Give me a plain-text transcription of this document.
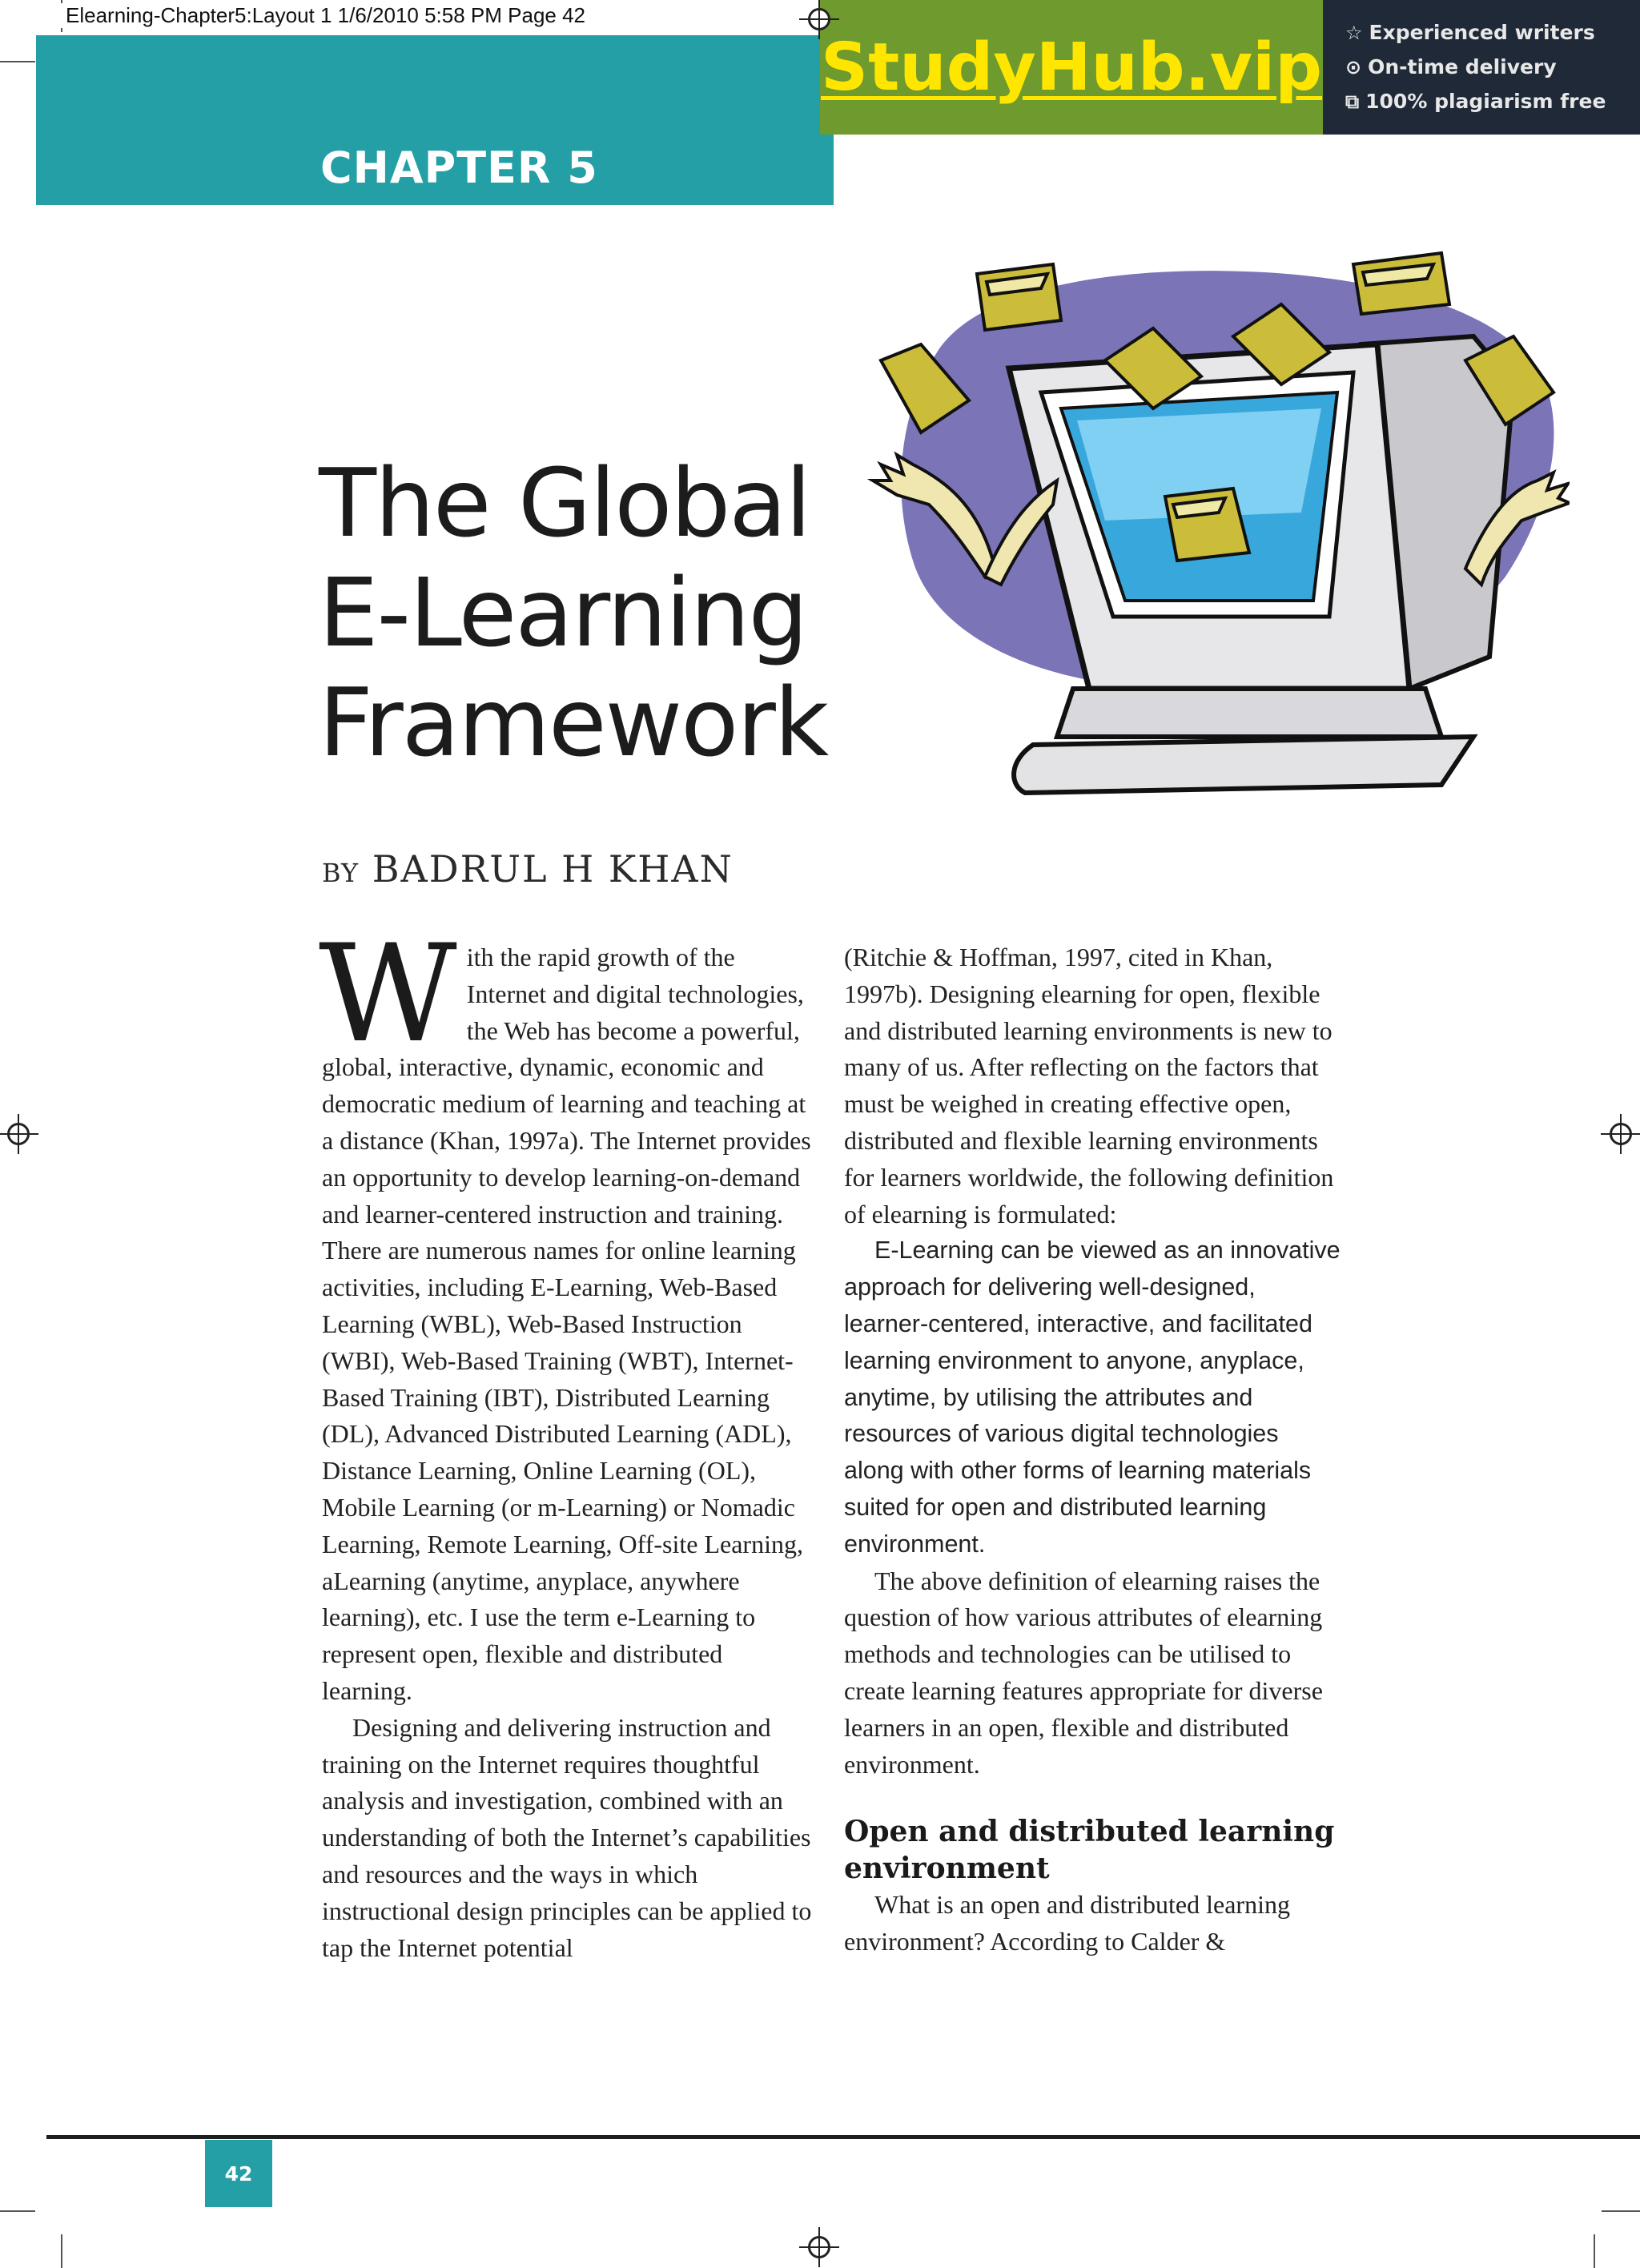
Elearning-Chapter5:Layout 1 1/6/2010 5:58 PM Page 42
CHAPTER 5
StudyHub.vip ☆ Experienced writers
⊙ On-time delivery
⧉ 100% plagiarism free
The Global
E-Learning
Framework
BY BADRUL H KHAN

With the rapid growth of the Internet and digital technologies, the Web has become a powerful, global, interactive, dynamic, economic and democratic medium of learning and teaching at a distance (Khan, 1997a). The Internet provides an opportunity to develop learning-on-demand and learner-centered instruction and training. There are numerous names for online learning activities, including E-Learning, Web-Based Learning (WBL), Web-Based Instruction (WBI), Web-Based Training (WBT), Internet-Based Training (IBT), Distributed Learning (DL), Advanced Distributed Learning (ADL), Distance Learning, Online Learning (OL), Mobile Learning (or m-Learning) or Nomadic Learning, Remote Learning, Off-site Learning, aLearning (anytime, anyplace, anywhere learning), etc. I use the term e-Learning to represent open, flexible and distributed learning.

Designing and delivering instruction and training on the Internet requires thoughtful analysis and investigation, combined with an understanding of both the Internet’s capabilities and resources and the ways in which instructional design principles can be applied to tap the Internet potential

(Ritchie & Hoffman, 1997, cited in Khan, 1997b). Designing elearning for open, flexible and distributed learning environments is new to many of us. After reflecting on the factors that must be weighed in creating effective open, distributed and flexible learning environments for learners worldwide, the following definition of elearning is formulated:

E-Learning can be viewed as an innovative approach for delivering well-designed, learner-centered, interactive, and facilitated learning environment to anyone, anyplace, anytime, by utilising the attributes and resources of various digital technologies along with other forms of learning materials suited for open and distributed learning environment.

The above definition of elearning raises the question of how various attributes of elearning methods and technologies can be utilised to create learning features appropriate for diverse learners in an open, flexible and distributed environment.

Open and distributed learning environment

What is an open and distributed learning environment? According to Calder &

42
